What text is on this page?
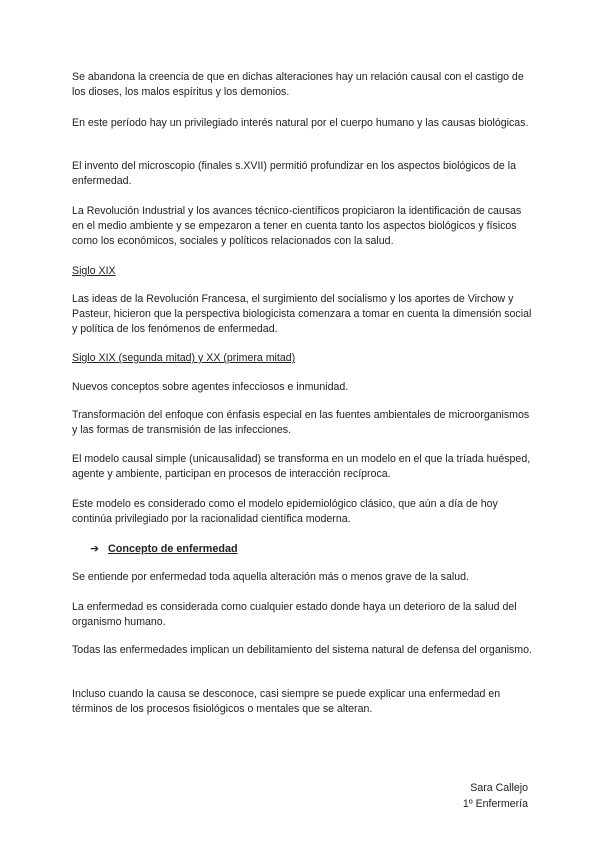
Se abandona la creencia de que en dichas alteraciones hay un relación causal con el castigo de los dioses, los malos espíritus y los demonios.

En este período hay un privilegiado interés natural por el cuerpo humano y las causas biológicas.

El invento del microscopio (finales s.XVII) permitió profundizar en los aspectos biológicos de la enfermedad.

La Revolución Industrial y los avances técnico-científicos propiciaron la identificación de causas en el medio ambiente y se empezaron a tener en cuenta tanto los aspectos biológicos y físicos como los económicos, sociales y políticos relacionados con la salud.

Siglo XIX

Las ideas de la Revolución Francesa, el surgimiento del socialismo y los aportes de Virchow y Pasteur, hicieron que la perspectiva biologicista comenzara a tomar en cuenta la dimensión social y política de los fenómenos de enfermedad.

Siglo XIX (segunda mitad) y XX (primera mitad)

Nuevos conceptos sobre agentes infecciosos e inmunidad.

Transformación del enfoque con énfasis especial en las fuentes ambientales de microorganismos y las formas de transmisión de las infecciones.

El modelo causal simple (unicausalidad) se transforma en un modelo en el que la tríada huésped, agente y ambiente, participan en procesos de interacción recíproca.

Este modelo es considerado como el modelo epidemiológico clásico, que aún a día de hoy continúa privilegiado por la racionalidad científica moderna.

➔ Concepto de enfermedad

Se entiende por enfermedad toda aquella alteración más o menos grave de la salud.

La enfermedad es considerada como cualquier estado donde haya un deterioro de la salud del organismo humano.

Todas las enfermedades implican un debilitamiento del sistema natural de defensa del organismo.

Incluso cuando la causa se desconoce, casi siempre se puede explicar una enfermedad en términos de los procesos fisiológicos o mentales que se alteran.

Sara Callejo
1º Enfermería
